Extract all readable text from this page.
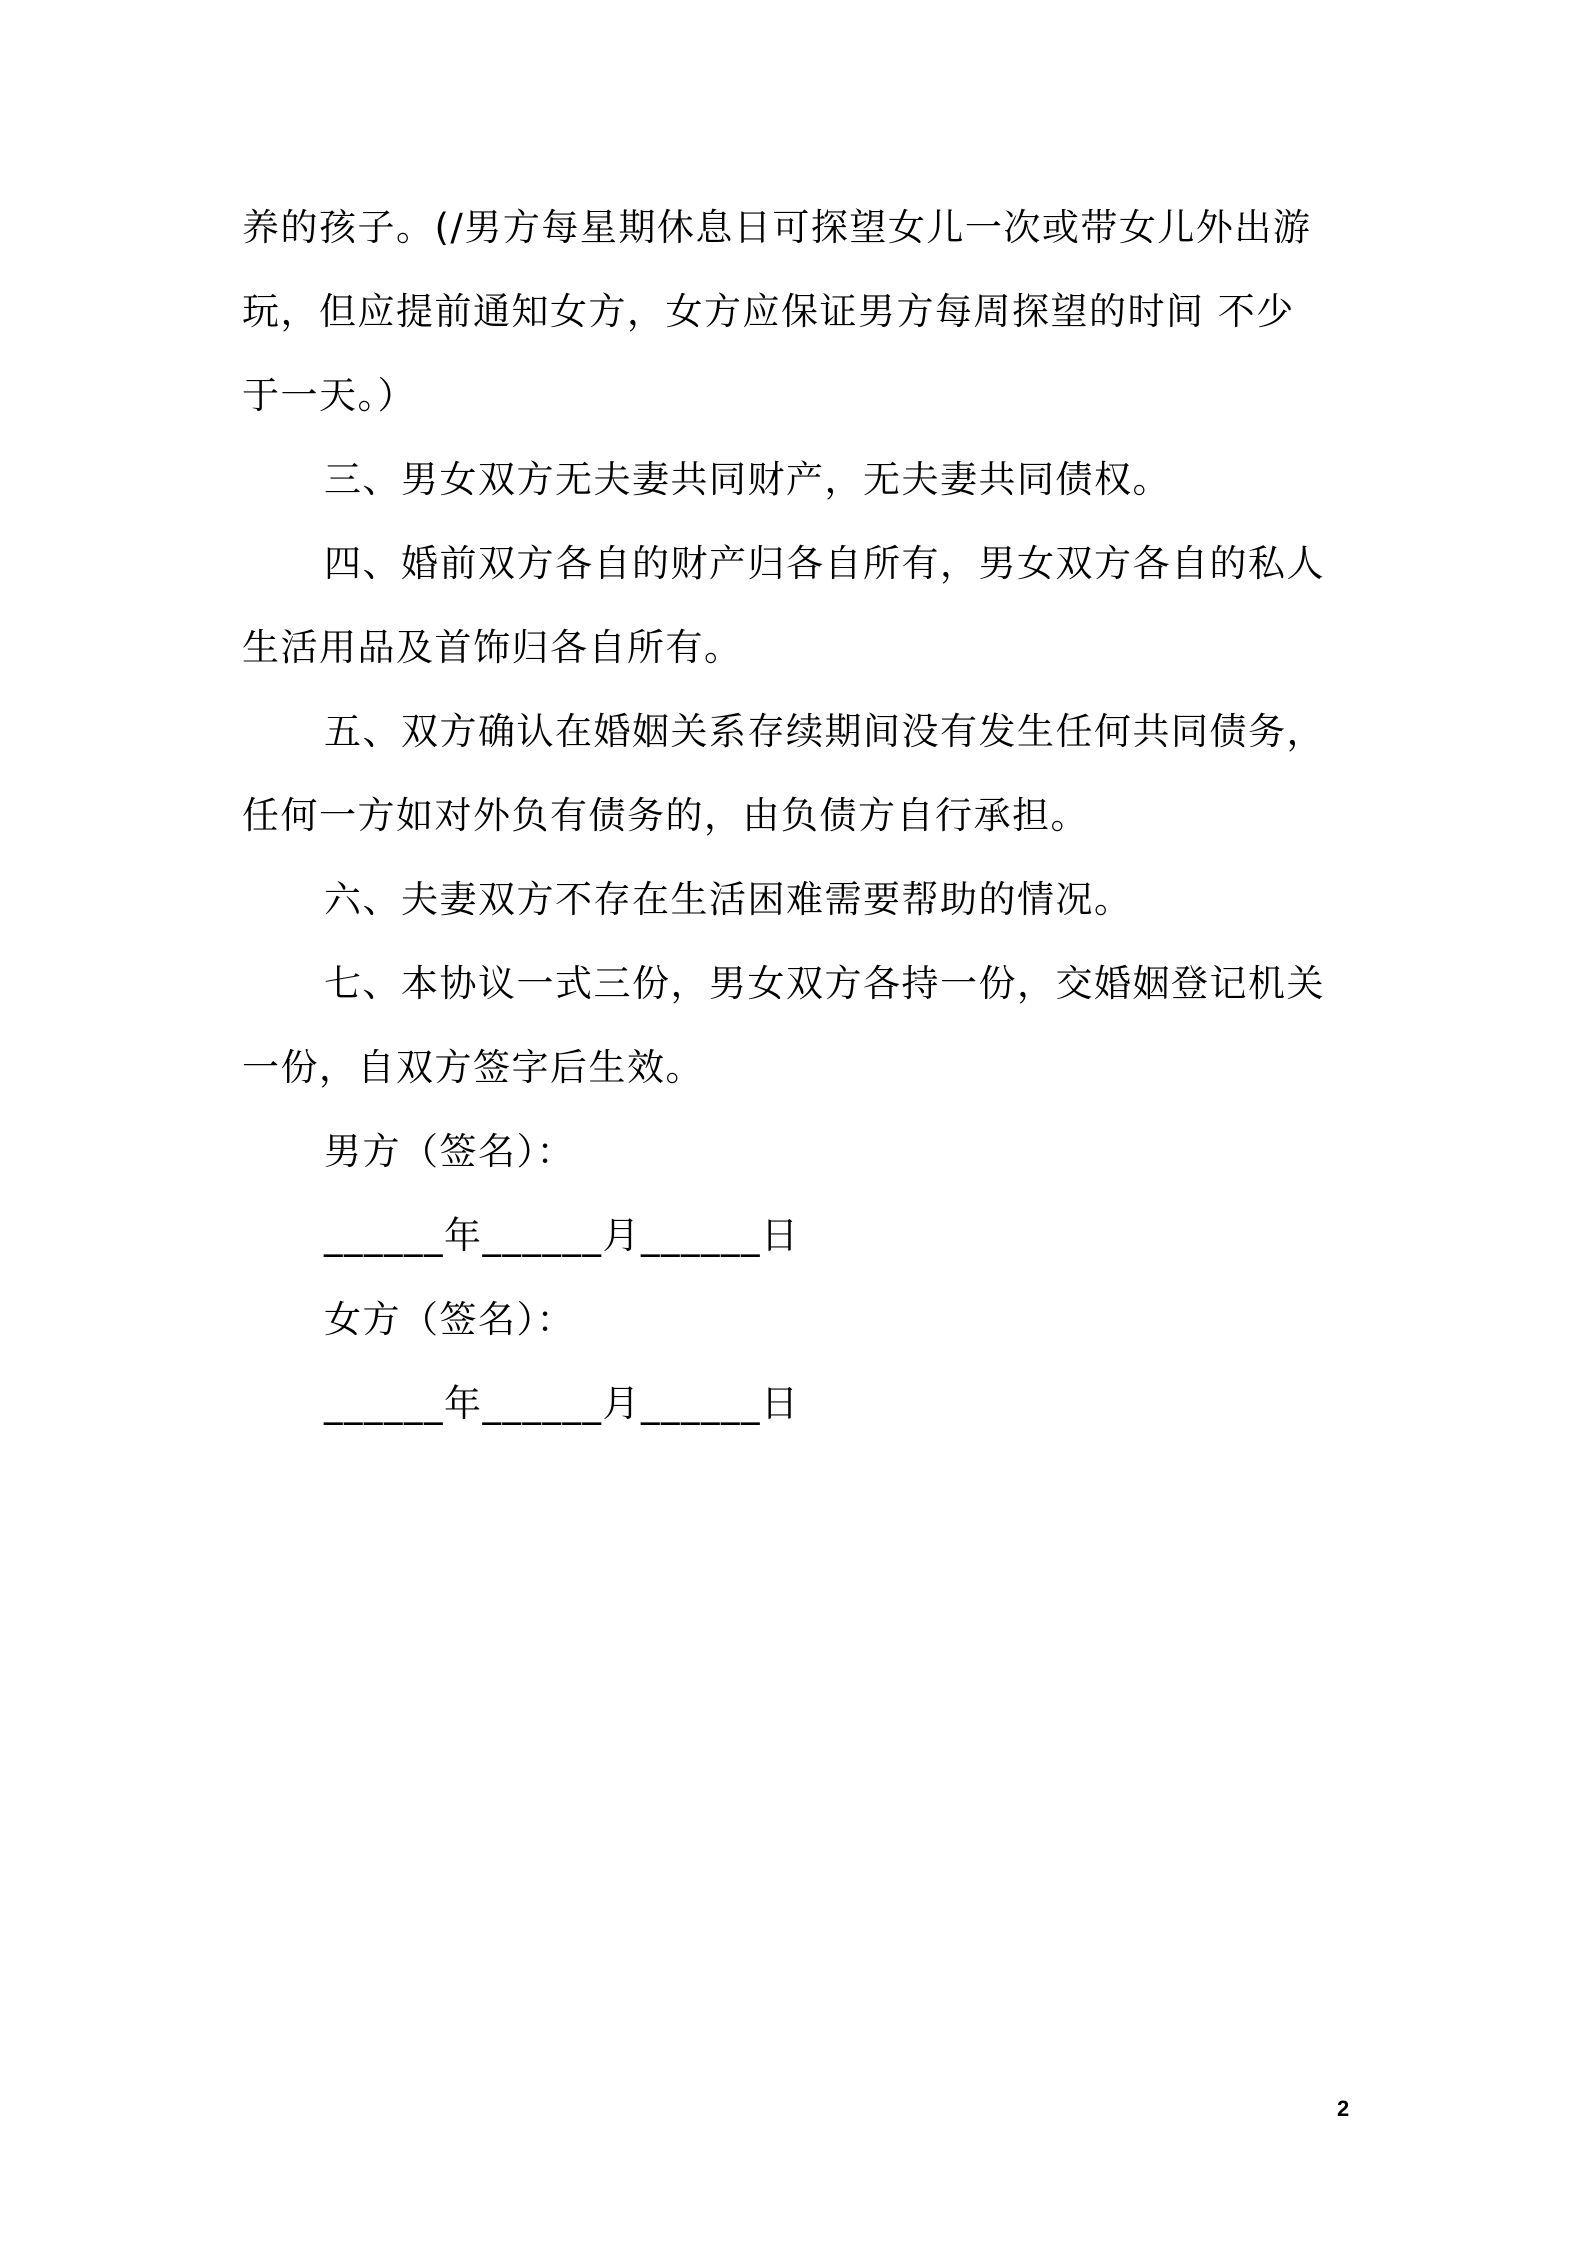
养的孩子。(/男方每星期休息日可探望女儿一次或带女儿外出游
玩，但应提前通知女方，女方应保证男方每周探望的时间 不少
于一天。）
三、男女双方无夫妻共同财产，无夫妻共同债权。
四、婚前双方各自的财产归各自所有，男女双方各自的私人
生活用品及首饰归各自所有。
五、双方确认在婚姻关系存续期间没有发生任何共同债务，
任何一方如对外负有债务的，由负债方自行承担。
六、夫妻双方不存在生活困难需要帮助的情况。
七、本协议一式三份，男女双方各持一份，交婚姻登记机关
一份，自双方签字后生效。
男方（签名）：
______年______月______日
女方（签名）：
______年______月______日
2
